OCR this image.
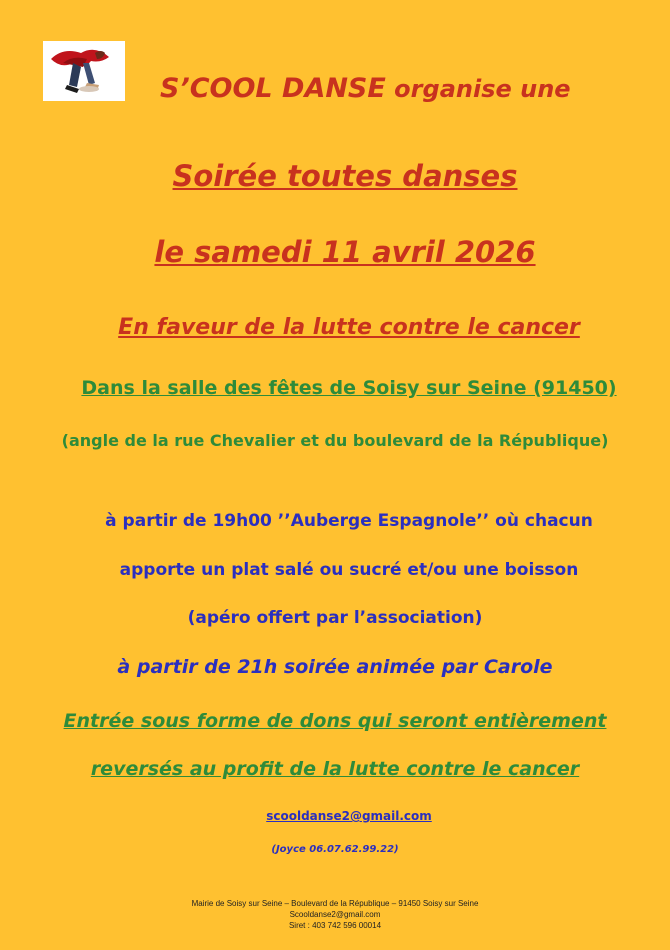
S’COOL DANSE organise une
Soirée toutes danses
le samedi 11 avril 2026
En faveur de la lutte contre le cancer
Dans la salle des fêtes de Soisy sur Seine (91450)
(angle de la rue Chevalier et du boulevard de la République)
à partir de 19h00 ’’Auberge Espagnole’’ où chacun
apporte un plat salé ou sucré et/ou une boisson
(apéro offert par l’association)
à partir de 21h soirée animée par Carole
Entrée sous forme de dons qui seront entièrement
reversés au profit de la lutte contre le cancer
scooldanse2@gmail.com
(Joyce 06.07.62.99.22)
Mairie de Soisy sur Seine – Boulevard de la République – 91450 Soisy sur Seine
Scooldanse2@gmail.com
Siret : 403 742 596 00014
